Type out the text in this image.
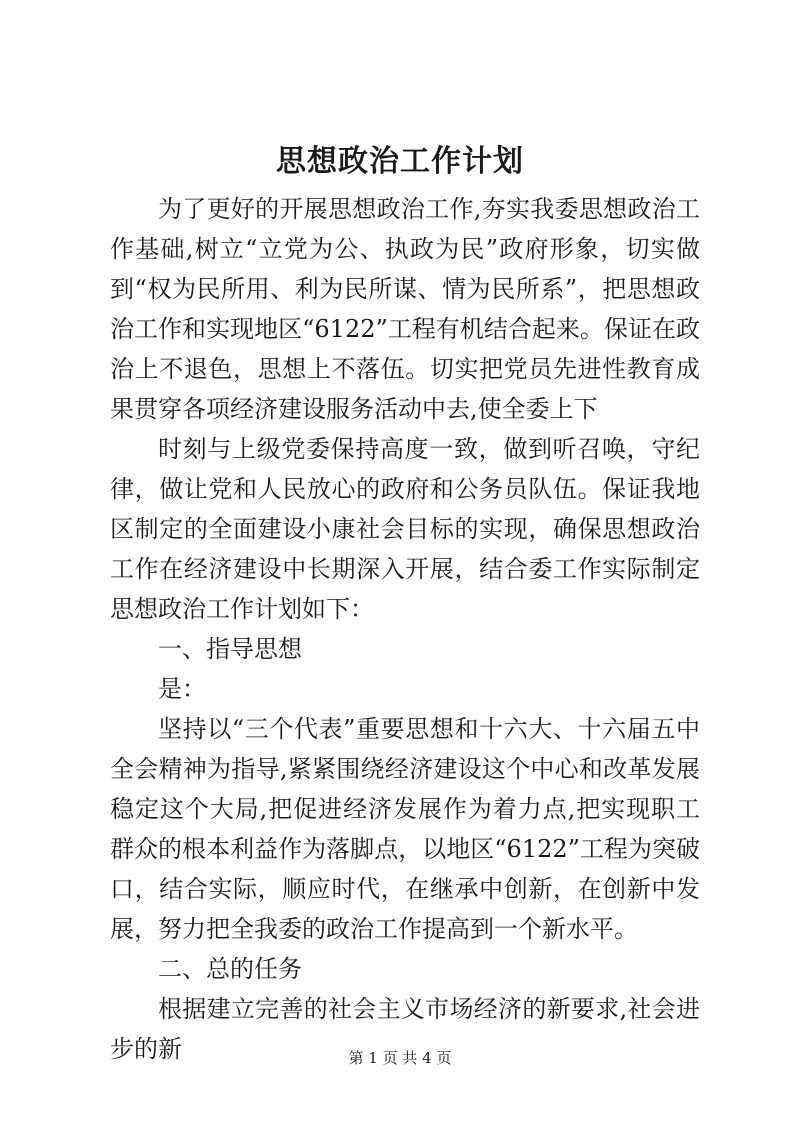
思想政治工作计划

为了更好的开展思想政治工作,夯实我委思想政治工作基础,树立“立党为公、执政为民”政府形象，切实做到“权为民所用、利为民所谋、情为民所系”，把思想政治工作和实现地区“6122”工程有机结合起来。保证在政治上不退色，思想上不落伍。切实把党员先进性教育成果贯穿各项经济建设服务活动中去,使全委上下

时刻与上级党委保持高度一致，做到听召唤，守纪律，做让党和人民放心的政府和公务员队伍。保证我地区制定的全面建设小康社会目标的实现，确保思想政治工作在经济建设中长期深入开展，结合委工作实际制定思想政治工作计划如下：

一、指导思想

是：

坚持以“三个代表”重要思想和十六大、十六届五中全会精神为指导,紧紧围绕经济建设这个中心和改革发展稳定这个大局,把促进经济发展作为着力点,把实现职工群众的根本利益作为落脚点，以地区“6122”工程为突破口，结合实际，顺应时代，在继承中创新，在创新中发展，努力把全我委的政治工作提高到一个新水平。

二、总的任务

根据建立完善的社会主义市场经济的新要求,社会进步的新	第 1 页 共 4 页
